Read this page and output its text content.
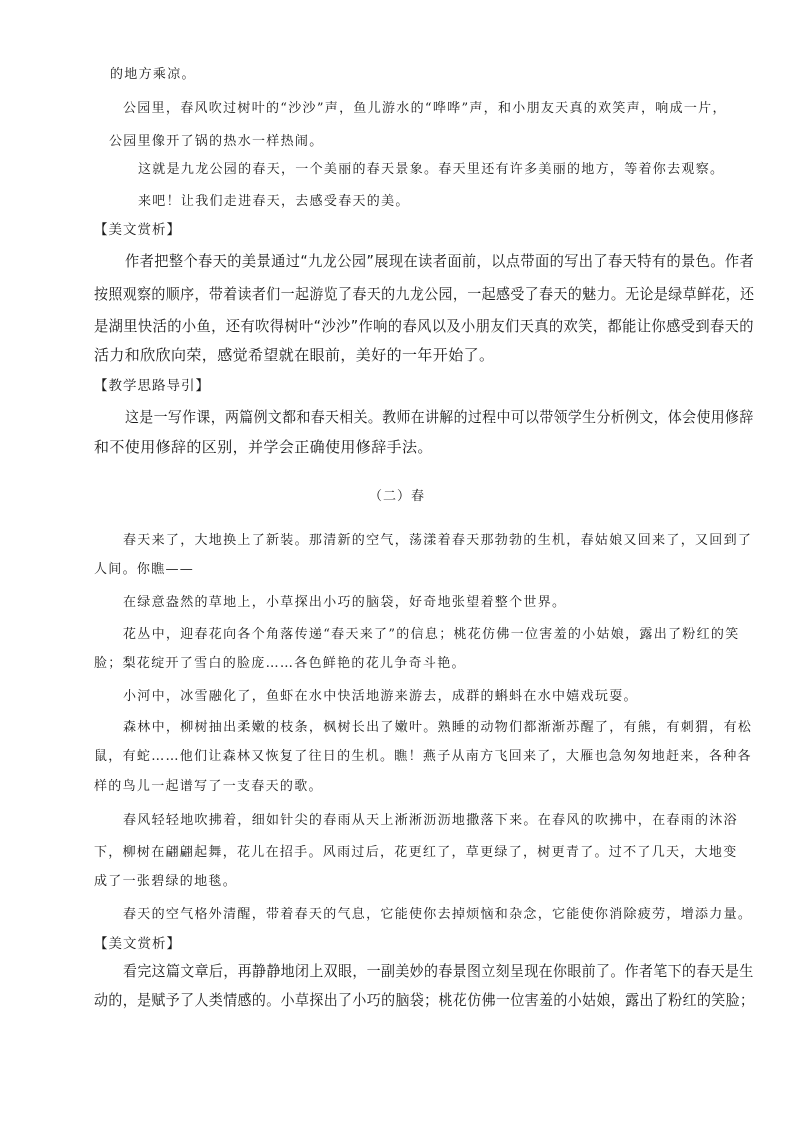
的地方乘凉。
公园里，春风吹过树叶的“沙沙”声，鱼儿游水的“哗哗”声，和小朋友天真的欢笑声，响成一片，
公园里像开了锅的热水一样热闹。
这就是九龙公园的春天，一个美丽的春天景象。春天里还有许多美丽的地方，等着你去观察。
来吧！让我们走进春天，去感受春天的美。
【美文赏析】
作者把整个春天的美景通过“九龙公园”展现在读者面前，以点带面的写出了春天特有的景色。作者
按照观察的顺序，带着读者们一起游览了春天的九龙公园，一起感受了春天的魅力。无论是绿草鲜花，还
是湖里快活的小鱼，还有吹得树叶“沙沙”作响的春风以及小朋友们天真的欢笑，都能让你感受到春天的
活力和欣欣向荣，感觉希望就在眼前，美好的一年开始了。
【教学思路导引】
这是一写作课，两篇例文都和春天相关。教师在讲解的过程中可以带领学生分析例文，体会使用修辞
和不使用修辞的区别，并学会正确使用修辞手法。
（二）春
春天来了，大地换上了新装。那清新的空气，荡漾着春天那勃勃的生机，春姑娘又回来了，又回到了
人间。你瞧——
在绿意盎然的草地上，小草探出小巧的脑袋，好奇地张望着整个世界。
花丛中，迎春花向各个角落传递“春天来了”的信息；桃花仿佛一位害羞的小姑娘，露出了粉红的笑
脸；梨花绽开了雪白的脸庞……各色鲜艳的花儿争奇斗艳。
小河中，冰雪融化了，鱼虾在水中快活地游来游去，成群的蝌蚪在水中嬉戏玩耍。
森林中，柳树抽出柔嫩的枝条，枫树长出了嫩叶。熟睡的动物们都渐渐苏醒了，有熊，有刺猬，有松
鼠，有蛇……他们让森林又恢复了往日的生机。瞧！燕子从南方飞回来了，大雁也急匆匆地赶来，各种各
样的鸟儿一起谱写了一支春天的歌。
春风轻轻地吹拂着，细如针尖的春雨从天上淅淅沥沥地撒落下来。在春风的吹拂中，在春雨的沐浴
下，柳树在翩翩起舞，花儿在招手。风雨过后，花更红了，草更绿了，树更青了。过不了几天，大地变
成了一张碧绿的地毯。
春天的空气格外清醒，带着春天的气息，它能使你去掉烦恼和杂念，它能使你消除疲劳，增添力量。
【美文赏析】
看完这篇文章后，再静静地闭上双眼，一副美妙的春景图立刻呈现在你眼前了。作者笔下的春天是生
动的，是赋予了人类情感的。小草探出了小巧的脑袋；桃花仿佛一位害羞的小姑娘，露出了粉红的笑脸；
